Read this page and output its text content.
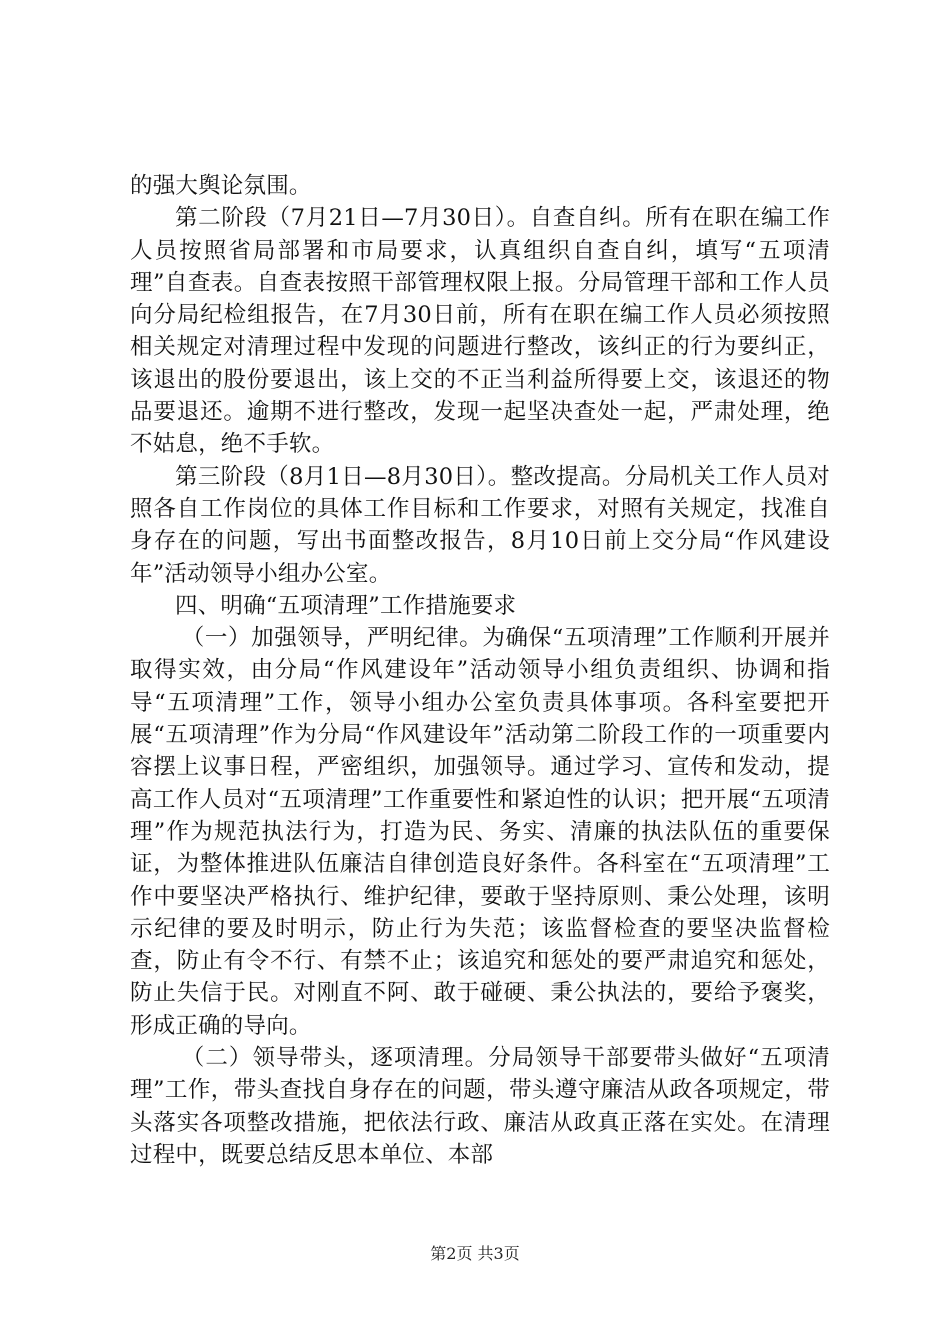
的强大舆论氛围。

第二阶段（7月21日—7月30日）。自查自纠。所有在职在编工作人员按照省局部署和市局要求，认真组织自查自纠，填写“五项清理”自查表。自查表按照干部管理权限上报。分局管理干部和工作人员向分局纪检组报告，在7月30日前，所有在职在编工作人员必须按照相关规定对清理过程中发现的问题进行整改，该纠正的行为要纠正，该退出的股份要退出，该上交的不正当利益所得要上交，该退还的物品要退还。逾期不进行整改，发现一起坚决查处一起，严肃处理，绝不姑息，绝不手软。

第三阶段（8月1日—8月30日）。整改提高。分局机关工作人员对照各自工作岗位的具体工作目标和工作要求，对照有关规定，找准自身存在的问题，写出书面整改报告，8月10日前上交分局“作风建设年”活动领导小组办公室。

四、明确“五项清理”工作措施要求

（一）加强领导，严明纪律。为确保“五项清理”工作顺利开展并取得实效，由分局“作风建设年”活动领导小组负责组织、协调和指导“五项清理”工作，领导小组办公室负责具体事项。各科室要把开展“五项清理”作为分局“作风建设年”活动第二阶段工作的一项重要内容摆上议事日程，严密组织，加强领导。通过学习、宣传和发动，提高工作人员对“五项清理”工作重要性和紧迫性的认识；把开展“五项清理”作为规范执法行为，打造为民、务实、清廉的执法队伍的重要保证，为整体推进队伍廉洁自律创造良好条件。各科室在“五项清理”工作中要坚决严格执行、维护纪律，要敢于坚持原则、秉公处理，该明示纪律的要及时明示，防止行为失范；该监督检查的要坚决监督检查，防止有令不行、有禁不止；该追究和惩处的要严肃追究和惩处，防止失信于民。对刚直不阿、敢于碰硬、秉公执法的，要给予褒奖，形成正确的导向。

（二）领导带头，逐项清理。分局领导干部要带头做好“五项清理”工作，带头查找自身存在的问题，带头遵守廉洁从政各项规定，带头落实各项整改措施，把依法行政、廉洁从政真正落在实处。在清理过程中，既要总结反思本单位、本部

第2页 共3页
